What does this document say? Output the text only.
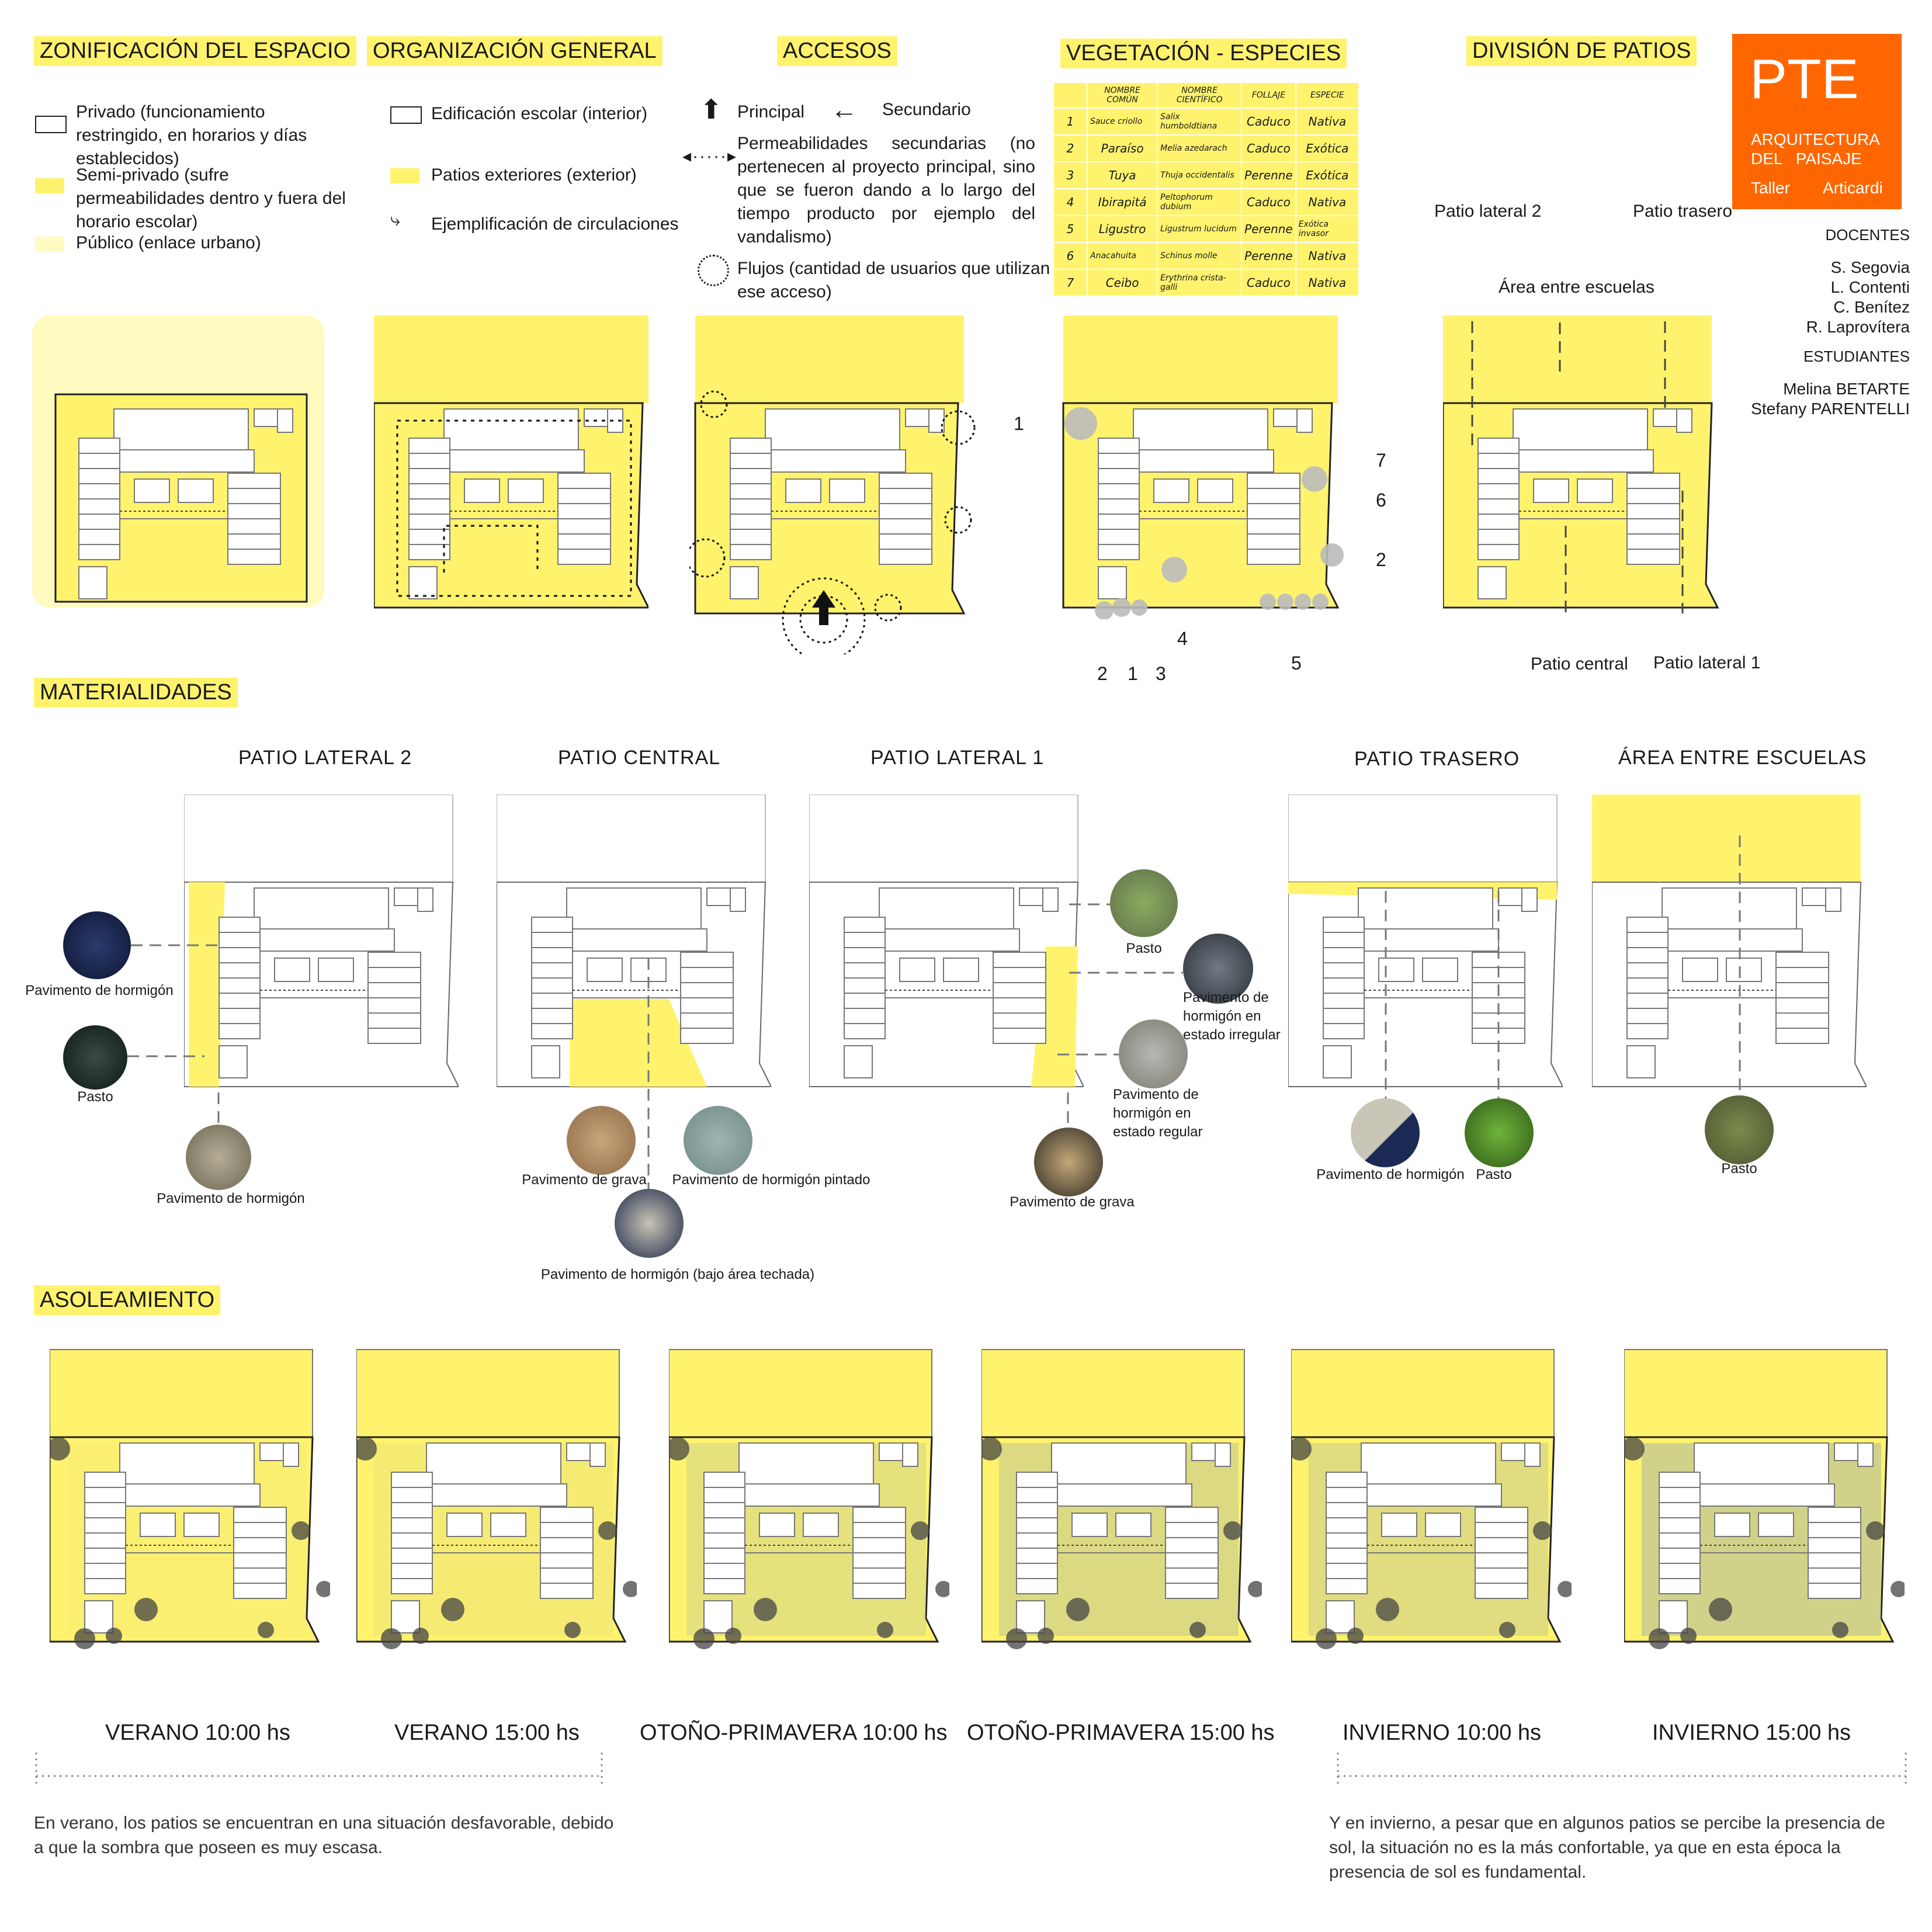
ZONIFICACIÓN DEL ESPACIO ORGANIZACIÓN GENERAL	ACCESOS	VEGETACIÓN - ESPECIES	DIVISIÓN DE PATIOS PTE
ARQUITECTURA
DEL   PAISAJE
Taller Articardi
DOCENTES
S. Segovia
L. Contenti
C. Benítez
R. Laprovítera
ESTUDIANTES
Melina BETARTE
Stefany PARENTELLI
Privado (funcionamiento restringido, en horarios y días establecidos)
Semi-privado (sufre permeabilidades dentro y fuera del horario escolar)
Público (enlace urbano)
Edificación escolar (interior)
Patios exteriores (exterior)
⤷ Ejemplificación de circulaciones
⬆ Principal ← Secundario
◂·····▸
Permeabilidades secundarias (no pertenecen al proyecto principal, sino que se fueron dando a lo largo del tiempo producto por ejemplo del vandalismo)
Flujos (cantidad de usuarios que utilizan ese acceso)
	NOMBRE COMÚN	NOMBRE CIENTÍFICO	FOLLAJE	ESPECIE
1	Sauce criollo	Salix humboldtiana	Caduco	Nativa
2	Paraíso	Melia azedarach	Caduco	Exótica
3	Tuya	Thuja occidentalis	Perenne	Exótica
4	Ibirapitá	Peltophorum dubium	Caduco	Nativa
5	Ligustro	Ligustrum lucidum	Perenne	Exótica invasor
6	Anacahuita	Schinus molle	Perenne	Nativa
7	Ceibo	Erythrina crista-galli	Caduco	Nativa
1
2 1 3
4
5
2
6
7
Patio lateral 2	Patio trasero
Área entre escuelas
Patio central Patio lateral 1
MATERIALIDADES
PATIO LATERAL 2	PATIO CENTRAL	PATIO LATERAL 1	PATIO TRASERO	ÁREA ENTRE ESCUELAS
Pavimento de hormigón
Pasto
Pavimento de hormigón
Pavimento de grava	Pavimento de hormigón pintado
Pavimento de hormigón (bajo área techada)
Pasto
Pavimento de hormigón en estado irregular
Pavimento de hormigón en estado regular
Pavimento de grava
Pavimento de hormigón Pasto	Pasto
ASOLEAMIENTO
VERANO 10:00 hs	VERANO 15:00 hs	OTOÑO-PRIMAVERA 10:00 hs OTOÑO-PRIMAVERA 15:00 hs	INVIERNO 10:00 hs	INVIERNO 15:00 hs
En verano, los patios se encuentran en una situación desfavorable, debido a que la sombra que poseen es muy escasa.
Y en invierno, a pesar que en algunos patios se percibe la presencia de sol, la situación no es la más confortable, ya que en esta época la presencia de sol es fundamental.
